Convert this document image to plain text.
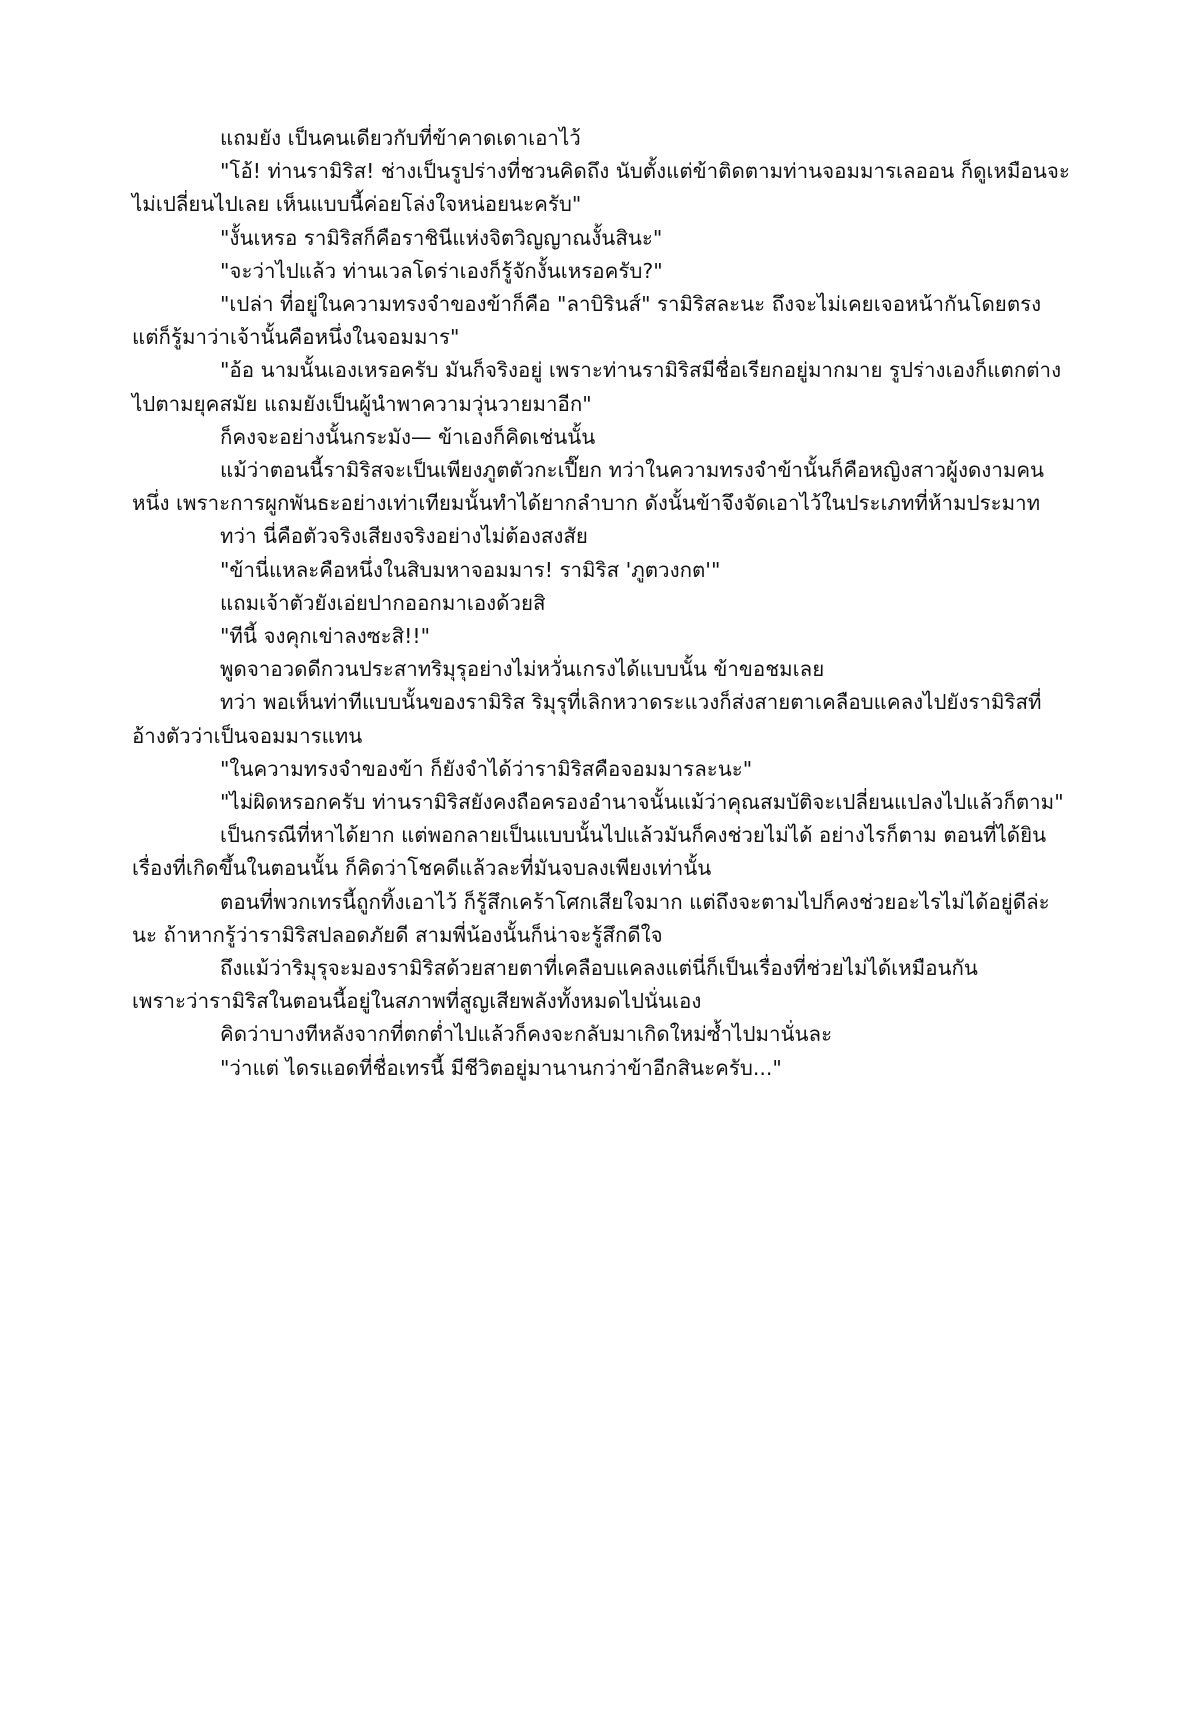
แถมยัง เป็นคนเดียวกับที่ข้าคาดเดาเอาไว้

"โอ้! ท่านรามิริส! ช่างเป็นรูปร่างที่ชวนคิดถึง นับตั้งแต่ข้าติดตามท่านจอมมารเลออน ก็ดูเหมือนจะไม่เปลี่ยนไปเลย เห็นแบบนี้ค่อยโล่งใจหน่อยนะครับ"

"งั้นเหรอ รามิริสก็คือราชินีแห่งจิตวิญญาณงั้นสินะ"

"จะว่าไปแล้ว ท่านเวลโดร่าเองก็รู้จักงั้นเหรอครับ?"

"เปล่า ที่อยู่ในความทรงจำของข้าก็คือ "ลาบิรินส์" รามิริสละนะ ถึงจะไม่เคยเจอหน้ากันโดยตรง แต่ก็รู้มาว่าเจ้านั้นคือหนึ่งในจอมมาร"

"อ้อ นามนั้นเองเหรอครับ มันก็จริงอยู่ เพราะท่านรามิริสมีชื่อเรียกอยู่มากมาย รูปร่างเองก็แตกต่างไปตามยุคสมัย แถมยังเป็นผู้นำพาความวุ่นวายมาอีก"

ก็คงจะอย่างนั้นกระมัง— ข้าเองก็คิดเช่นนั้น

แม้ว่าตอนนี้รามิริสจะเป็นเพียงภูตตัวกะเปี๊ยก ทว่าในความทรงจำข้านั้นก็คือหญิงสาวผู้งดงามคนหนึ่ง เพราะการผูกพันธะอย่างเท่าเทียมนั้นทำได้ยากลำบาก ดังนั้นข้าจึงจัดเอาไว้ในประเภทที่ห้ามประมาท

ทว่า นี่คือตัวจริงเสียงจริงอย่างไม่ต้องสงสัย

"ข้านี่แหละคือหนึ่งในสิบมหาจอมมาร! รามิริส 'ภูตวงกต'"

แถมเจ้าตัวยังเอ่ยปากออกมาเองด้วยสิ

"ทีนี้ จงคุกเข่าลงซะสิ!!"

พูดจาอวดดีกวนประสาทริมุรุอย่างไม่หวั่นเกรงได้แบบนั้น ข้าขอชมเลย

ทว่า พอเห็นท่าทีแบบนั้นของรามิริส ริมุรุที่เลิกหวาดระแวงก็ส่งสายตาเคลือบแคลงไปยังรามิริสที่อ้างตัวว่าเป็นจอมมารแทน

"ในความทรงจำของข้า ก็ยังจำได้ว่ารามิริสคือจอมมารละนะ"

"ไม่ผิดหรอกครับ ท่านรามิริสยังคงถือครองอำนาจนั้นแม้ว่าคุณสมบัติจะเปลี่ยนแปลงไปแล้วก็ตาม"

เป็นกรณีที่หาได้ยาก แต่พอกลายเป็นแบบนั้นไปแล้วมันก็คงช่วยไม่ได้ อย่างไรก็ตาม ตอนที่ได้ยินเรื่องที่เกิดขึ้นในตอนนั้น ก็คิดว่าโชคดีแล้วละที่มันจบลงเพียงเท่านั้น

ตอนที่พวกเทรนี้ถูกทิ้งเอาไว้ ก็รู้สึกเคร้าโศกเสียใจมาก แต่ถึงจะตามไปก็คงช่วยอะไรไม่ได้อยู่ดีล่ะนะ ถ้าหากรู้ว่ารามิริสปลอดภัยดี สามพี่น้องนั้นก็น่าจะรู้สึกดีใจ

ถึงแม้ว่าริมุรุจะมองรามิริสด้วยสายตาที่เคลือบแคลงแต่นี่ก็เป็นเรื่องที่ช่วยไม่ได้เหมือนกัน

เพราะว่ารามิริสในตอนนี้อยู่ในสภาพที่สูญเสียพลังทั้งหมดไปนั่นเอง

คิดว่าบางทีหลังจากที่ตกต่ำไปแล้วก็คงจะกลับมาเกิดใหม่ซ้ำไปมานั่นละ

"ว่าแต่ ไดรแอดที่ชื่อเทรนี้ มีชีวิตอยู่มานานกว่าข้าอีกสินะครับ..."
